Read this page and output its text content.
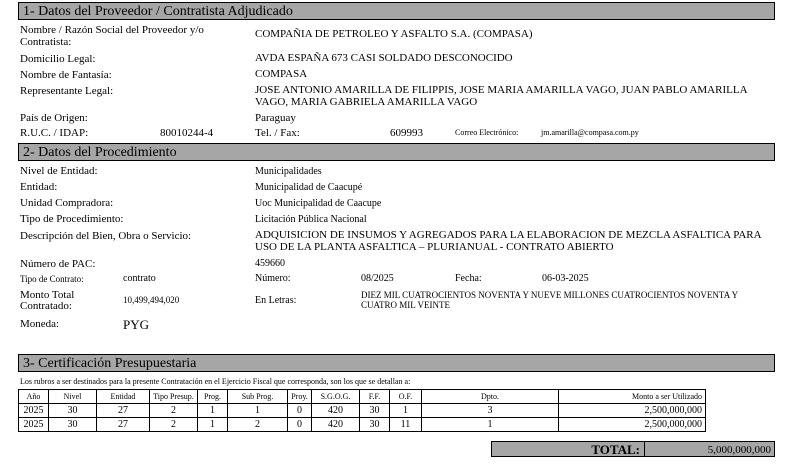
1- Datos del Proveedor / Contratista Adjudicado
Nombre / Razón Social del Proveedor y/o
Contratista:
COMPAÑIA DE PETROLEO Y ASFALTO S.A. (COMPASA)
Domicilio Legal:	AVDA ESPAÑA 673 CASI SOLDADO DESCONOCIDO
Nombre de Fantasía:	COMPASA
Representante Legal:	JOSE ANTONIO AMARILLA DE FILIPPIS, JOSE MARIA AMARILLA VAGO, JUAN PABLO AMARILLA
VAGO, MARIA GABRIELA AMARILLA VAGO
País de Origen:	Paraguay
R.U.C. / IDAP:	80010244-4	Tel. / Fax:	609993	Correo Electrónico:	jm.amarilla@compasa.com.py
2- Datos del Procedimiento
Nivel de Entidad:	Municipalidades
Entidad:	Municipalidad de Caacupé
Unidad Compradora:	Uoc Municipalidad de Caacupe
Tipo de Procedimiento:	Licitación Pública Nacional
Descripción del Bien, Obra o Servicio:	ADQUISICION DE INSUMOS Y AGREGADOS PARA LA ELABORACION DE MEZCLA ASFALTICA PARA
USO DE LA PLANTA ASFALTICA – PLURIANUAL - CONTRATO ABIERTO
Número de PAC:	459660
Tipo de Contrato:	contrato	Número:	08/2025	Fecha:	06-03-2025
Monto Total
Contratado:	10,499,494,020	En Letras:	DIEZ MIL CUATROCIENTOS NOVENTA Y NUEVE MILLONES CUATROCIENTOS NOVENTA Y
CUATRO MIL VEINTE
Moneda:	PYG
3- Certificación Presupuestaria
Los rubros a ser destinados para la presente Contratación en el Ejercicio Fiscal que corresponda, son los que se detallan a:
Año	Nivel	Entidad	Tipo Presup.	Prog.	Sub Prog.	Proy.	S.G.O.G.	F.F.	O.F.	Dpto.	Monto a ser Utilizado
2025	30	27	2	1	1	0	420	30	1	3	2,500,000,000
2025	30	27	2	1	2	0	420	30	11	1	2,500,000,000
TOTAL:	5,000,000,000
